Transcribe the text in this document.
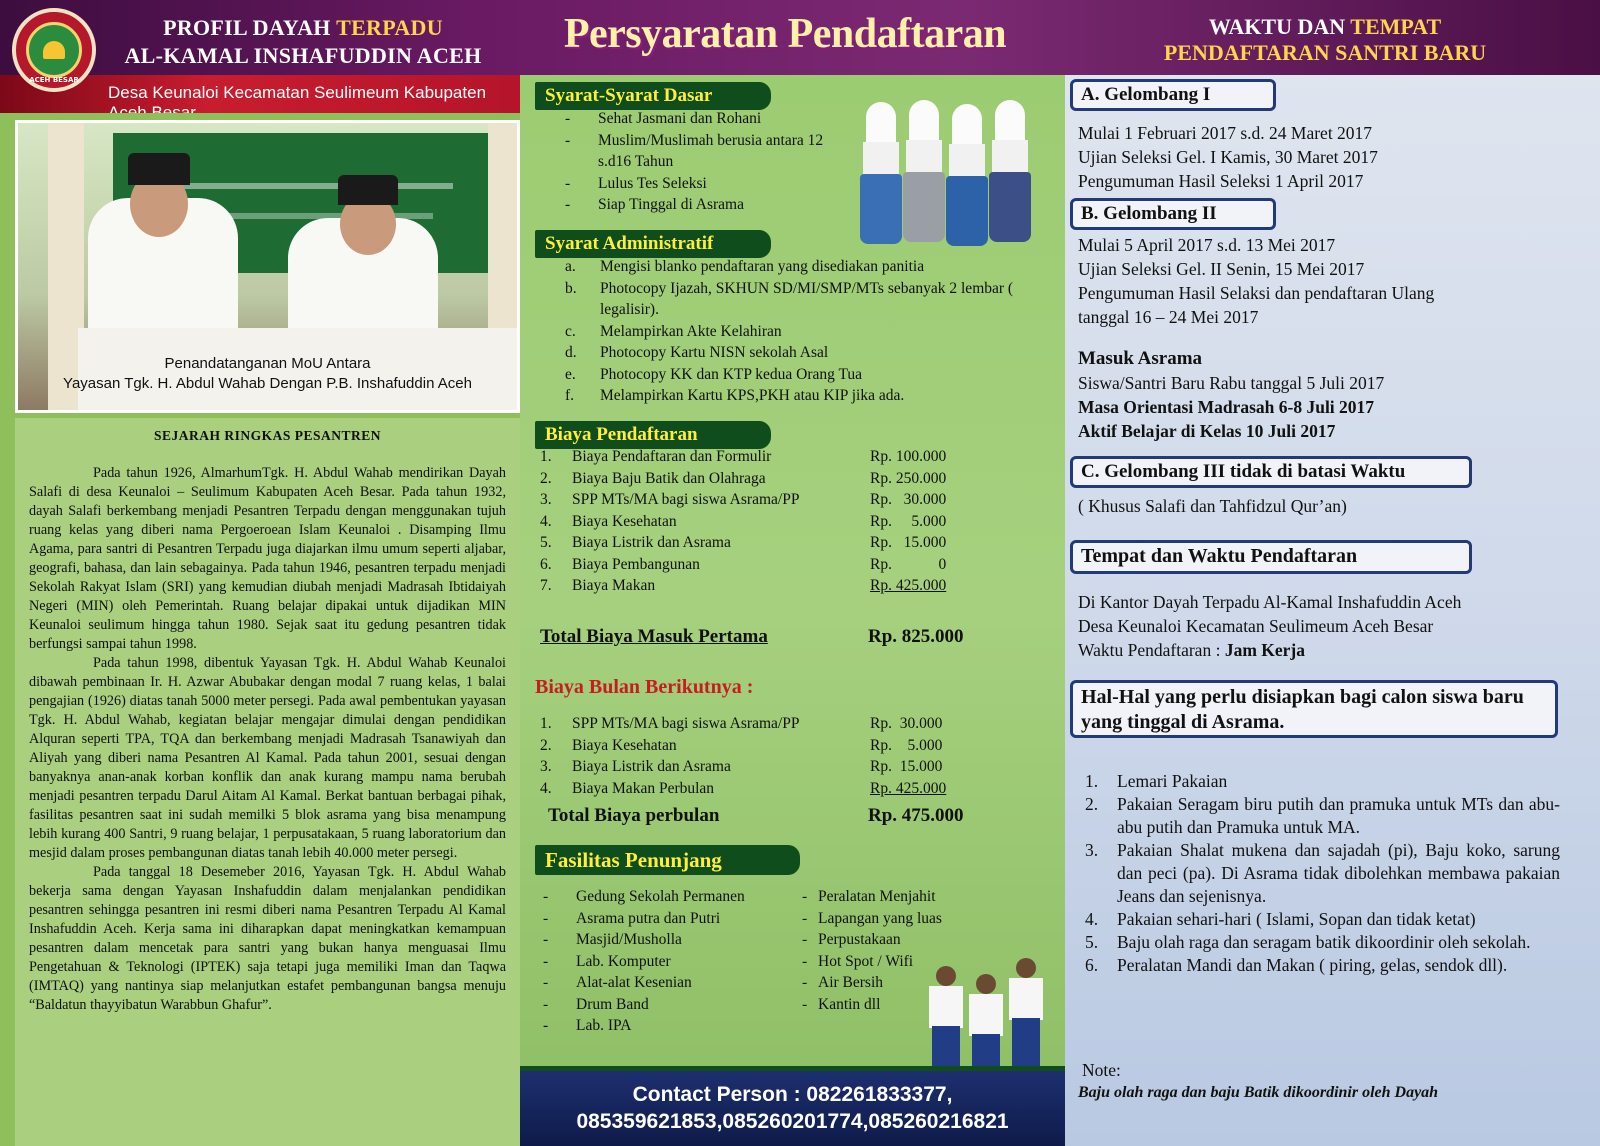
ACEH BESAR
PROFIL DAYAH TERPADU
AL-KAMAL INSHAFUDDIN ACEH	Persyaratan Pendaftaran	WAKTU DAN TEMPAT
PENDAFTARAN SANTRI BARU
Desa Keunaloi Kecamatan Seulimeum Kabupaten
Penandatanganan MoU Antara
Yayasan Tgk. H. Abdul Wahab Dengan P.B. Inshafuddin Aceh
SEJARAH RINGKAS PESANTREN

Pada tahun 1926, AlmarhumTgk. H. Abdul Wahab mendirikan Dayah Salafi di desa Keunaloi – Seulimum Kabupaten Aceh Besar. Pada tahun 1932, dayah Salafi berkembang menjadi Pesantren Terpadu dengan menggunakan tujuh ruang kelas yang diberi nama Pergoeroean Islam Keunaloi . Disamping Ilmu Agama, para santri di Pesantren Terpadu juga diajarkan ilmu umum seperti aljabar, geografi, bahasa, dan lain sebagainya. Pada tahun 1946, pesantren terpadu menjadi Sekolah Rakyat Islam (SRI) yang kemudian diubah menjadi Madrasah Ibtidaiyah Negeri (MIN) oleh Pemerintah. Ruang belajar dipakai untuk dijadikan MIN Keunaloi seulimum hingga tahun 1980. Sejak saat itu gedung pesantren tidak berfungsi sampai tahun 1998.

Pada tahun 1998, dibentuk Yayasan Tgk. H. Abdul Wahab Keunaloi dibawah pembinaan Ir. H. Azwar Abubakar dengan modal 7 ruang kelas, 1 balai pengajian (1926) diatas tanah 5000 meter persegi. Pada awal pembentukan yayasan Tgk. H. Abdul Wahab, kegiatan belajar mengajar dimulai dengan pendidikan Alquran seperti TPA, TQA dan berkembang menjadi Madrasah Tsanawiyah dan Aliyah yang diberi nama Pesantren Al Kamal. Pada tahun 2001, sesuai dengan banyaknya anan-anak korban konflik dan anak kurang mampu nama berubah menjadi pesantren terpadu Darul Aitam Al Kamal. Berkat bantuan berbagai pihak, fasilitas pesantren saat ini sudah memilki 5 blok asrama yang bisa menampung lebih kurang 400 Santri, 9 ruang belajar, 1 perpusatakaan, 5 ruang laboratorium dan mesjid dalam proses pembangunan diatas tanah lebih 40.000 meter persegi.

Pada tanggal 18 Desemeber 2016, Yayasan Tgk. H. Abdul Wahab bekerja sama dengan Yayasan Inshafuddin dalam menjalankan pendidikan pesantren sehingga pesantren ini resmi diberi nama Pesantren Terpadu Al Kamal Inshafuddin Aceh. Kerja sama ini diharapkan dapat meningkatkan kemampuan pesantren dalam mencetak para santri yang bukan hanya menguasai Ilmu Pengetahuan & Teknologi (IPTEK) saja tetapi juga memiliki Iman dan Taqwa (IMTAQ) yang nantinya siap melanjutkan estafet pembangunan bangsa menuju “Baldatun thayyibatun Warabbun Ghafur”.

Syarat-Syarat Dasar
- Sehat Jasmani dan Rohani
- Muslim/Muslimah berusia antara 12 s.d16 Tahun
- Lulus Tes Seleksi
- Siap Tinggal di Asrama
Syarat Administratif
a. Mengisi blanko pendaftaran yang disediakan panitia
b. Photocopy Ijazah, SKHUN SD/MI/SMP/MTs sebanyak 2 lembar ( legalisir).
c. Melampirkan Akte Kelahiran
d. Photocopy Kartu NISN sekolah Asal
e. Photocopy KK dan KTP kedua Orang Tua
f. Melampirkan Kartu KPS,PKH atau KIP jika ada.
Biaya Pendaftaran
1. Biaya Pendaftaran dan Formulir	Rp. 100.000
2. Biaya Baju Batik dan Olahraga	Rp. 250.000
3. SPP MTs/MA bagi siswa Asrama/PP	Rp.   30.000
4. Biaya Kesehatan	Rp.     5.000
5. Biaya Listrik dan Asrama	Rp.   15.000
6. Biaya Pembangunan	Rp.            0
7. Biaya Makan	Rp. 425.000
Total Biaya Masuk Pertama	Rp. 825.000
Biaya Bulan Berikutnya :
1. SPP MTs/MA bagi siswa Asrama/PP	Rp.  30.000
2. Biaya Kesehatan	Rp.    5.000
3. Biaya Listrik dan Asrama	Rp.  15.000
4. Biaya Makan Perbulan	Rp. 425.000
Total Biaya perbulan	Rp. 475.000
Fasilitas Penunjang
- Gedung Sekolah Permanen
- Asrama putra dan Putri
- Masjid/Musholla
- Lab. Komputer
- Alat-alat Kesenian
- Drum Band
- Lab. IPA
- Peralatan Menjahit
- Lapangan yang luas
- Perpustakaan
- Hot Spot / Wifi
- Air Bersih
- Kantin dll
Contact Person : 082261833377,
085359621853,085260201774,085260216821
A. Gelombang I
Mulai 1 Februari 2017 s.d. 24 Maret 2017
Ujian Seleksi Gel. I Kamis, 30 Maret 2017
Pengumuman Hasil Seleksi 1 April 2017
B. Gelombang II
Mulai 5 April 2017 s.d. 13 Mei 2017
Ujian Seleksi Gel. II Senin, 15 Mei 2017
Pengumuman Hasil Selaksi dan pendaftaran Ulang
tanggal 16 – 24 Mei 2017
Masuk Asrama
Siswa/Santri Baru Rabu tanggal 5 Juli 2017
Masa Orientasi Madrasah 6-8 Juli 2017
Aktif Belajar di Kelas 10 Juli 2017
C. Gelombang III tidak di batasi Waktu
( Khusus Salafi dan Tahfidzul Qur’an)
Tempat dan Waktu Pendaftaran
Di Kantor Dayah Terpadu Al-Kamal Inshafuddin Aceh
Desa Keunaloi Kecamatan Seulimeum Aceh Besar
Waktu Pendaftaran : Jam Kerja
Hal-Hal yang perlu disiapkan bagi calon siswa baru yang tinggal di Asrama.
1. Lemari Pakaian
2. Pakaian Seragam biru putih dan pramuka untuk MTs dan abu-abu putih dan Pramuka untuk MA.
3. Pakaian Shalat mukena dan sajadah (pi), Baju koko, sarung dan peci (pa). Di Asrama tidak dibolehkan membawa pakaian Jeans dan sejenisnya.
4. Pakaian sehari-hari ( Islami, Sopan dan tidak ketat)
5. Baju olah raga dan seragam batik dikoordinir oleh sekolah.
6. Peralatan Mandi dan Makan ( piring, gelas, sendok dll).
Note:
Baju olah raga dan baju Batik dikoordinir oleh Dayah
